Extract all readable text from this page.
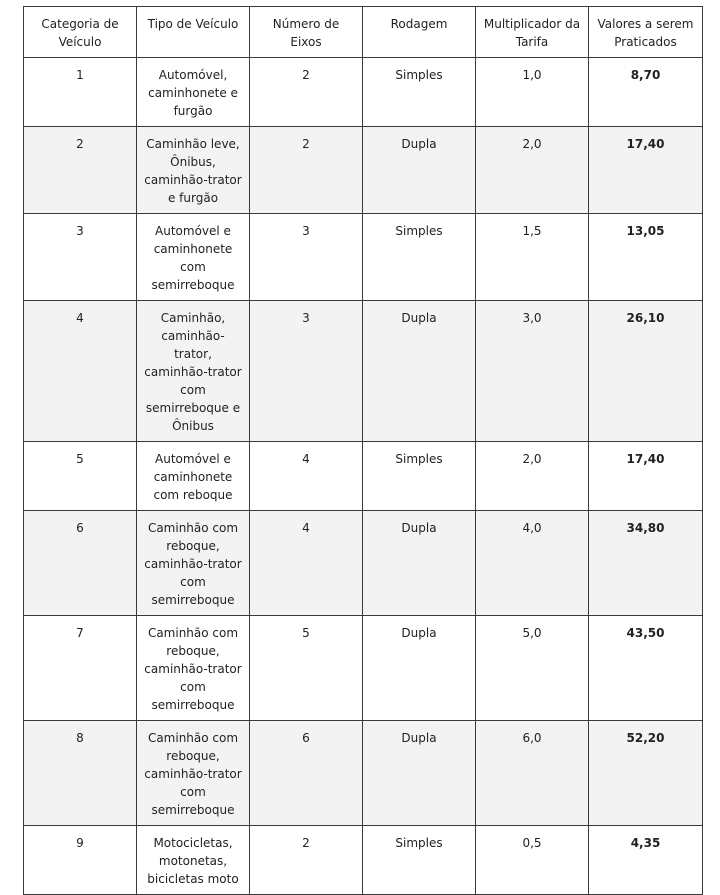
Categoria de Veículo	Tipo de Veículo	Número de Eixos	Rodagem	Multiplicador da Tarifa	Valores a serem Praticados
1	Automóvel, caminhonete e furgão	2	Simples	1,0	8,70
2	Caminhão leve, Ônibus, caminhão-trator e furgão	2	Dupla	2,0	17,40
3	Automóvel e caminhonete com semirreboque	3	Simples	1,5	13,05
4	Caminhão, caminhão-trator, caminhão-trator com semirreboque e Ônibus	3	Dupla	3,0	26,10
5	Automóvel e caminhonete com reboque	4	Simples	2,0	17,40
6	Caminhão com reboque, caminhão-trator com semirreboque	4	Dupla	4,0	34,80
7	Caminhão com reboque, caminhão-trator com semirreboque	5	Dupla	5,0	43,50
8	Caminhão com reboque, caminhão-trator com semirreboque	6	Dupla	6,0	52,20
9	Motocicletas, motonetas, bicicletas moto	2	Simples	0,5	4,35
